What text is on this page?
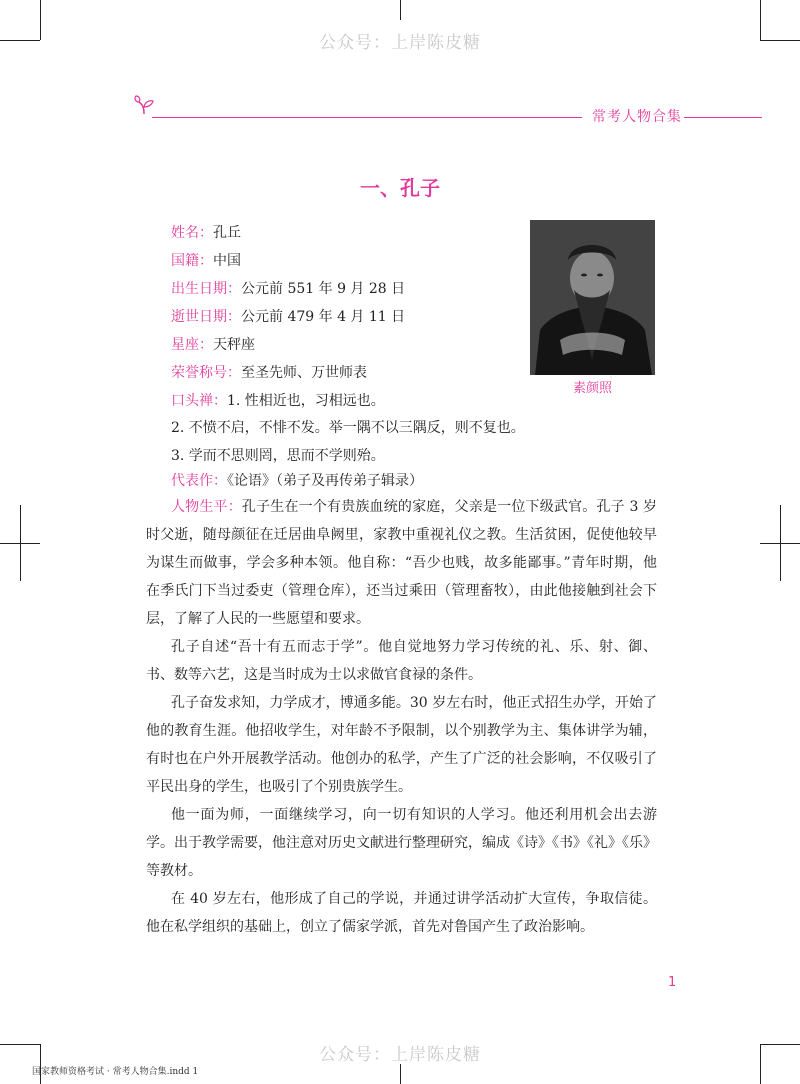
公众号：上岸陈皮糖
常考人物合集
一、孔子
姓名：孔丘
国籍：中国
出生日期：公元前 551 年 9 月 28 日
逝世日期：公元前 479 年 4 月 11 日
星座：天秤座
荣誉称号：至圣先师、万世师表
口头禅：1. 性相近也，习相远也。
2. 不愤不启，不悱不发。举一隅不以三隅反，则不复也。
3. 学而不思则罔，思而不学则殆。
代表作：《论语》（弟子及再传弟子辑录）
素颜照
人物生平：孔子生在一个有贵族血统的家庭，父亲是一位下级武官。孔子 3 岁时父逝，随母颜征在迁居曲阜阙里，家教中重视礼仪之教。生活贫困，促使他较早为谋生而做事，学会多种本领。他自称：“吾少也贱，故多能鄙事。”青年时期，他在季氏门下当过委吏（管理仓库），还当过乘田（管理畜牧），由此他接触到社会下层，了解了人民的一些愿望和要求。
孔子自述“吾十有五而志于学”。他自觉地努力学习传统的礼、乐、射、御、书、数等六艺，这是当时成为士以求做官食禄的条件。
孔子奋发求知，力学成才，博通多能。30 岁左右时，他正式招生办学，开始了他的教育生涯。他招收学生，对年龄不予限制，以个别教学为主、集体讲学为辅，有时也在户外开展教学活动。他创办的私学，产生了广泛的社会影响，不仅吸引了平民出身的学生，也吸引了个别贵族学生。
他一面为师，一面继续学习，向一切有知识的人学习。他还利用机会出去游学。出于教学需要，他注意对历史文献进行整理研究，编成《诗》《书》《礼》《乐》等教材。
在 40 岁左右，他形成了自己的学说，并通过讲学活动扩大宣传，争取信徒。他在私学组织的基础上，创立了儒家学派，首先对鲁国产生了政治影响。
1
公众号：上岸陈皮糖
国家教师资格考试 · 常考人物合集.indd 1
